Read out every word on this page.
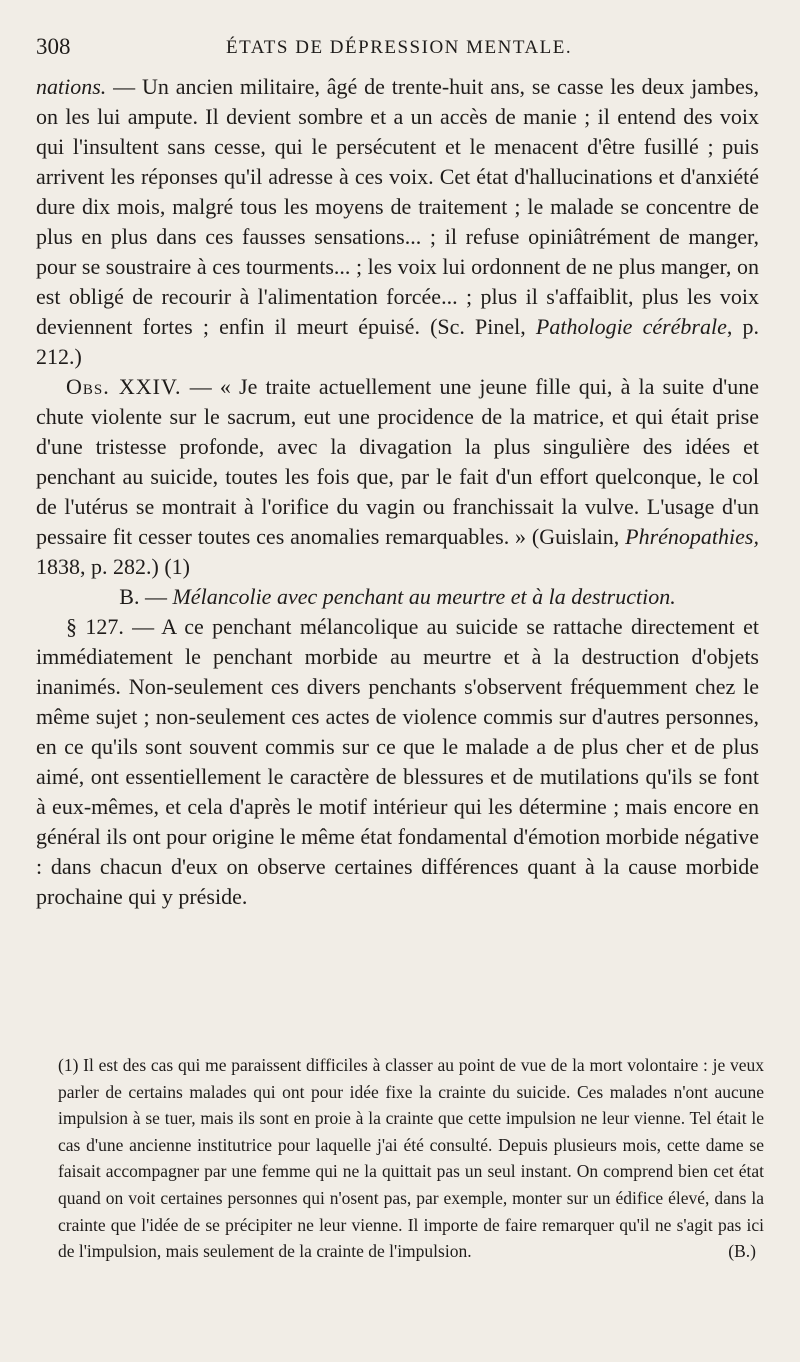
308	ÉTATS DE DÉPRESSION MENTALE.

nations. — Un ancien militaire, âgé de trente-huit ans, se casse les deux jambes, on les lui ampute. Il devient sombre et a un accès de manie ; il entend des voix qui l'insultent sans cesse, qui le persécutent et le menacent d'être fusillé ; puis arrivent les réponses qu'il adresse à ces voix. Cet état d'hallucinations et d'anxiété dure dix mois, malgré tous les moyens de traitement ; le malade se concentre de plus en plus dans ces fausses sensations... ; il refuse opiniâtrément de manger, pour se soustraire à ces tourments... ; les voix lui ordonnent de ne plus manger, on est obligé de recourir à l'alimentation forcée... ; plus il s'affaiblit, plus les voix deviennent fortes ; enfin il meurt épuisé. (Sc. Pinel, Pathologie cérébrale, p. 212.)

Obs. XXIV. — « Je traite actuellement une jeune fille qui, à la suite d'une chute violente sur le sacrum, eut une procidence de la matrice, et qui était prise d'une tristesse profonde, avec la divagation la plus singulière des idées et penchant au suicide, toutes les fois que, par le fait d'un effort quelconque, le col de l'utérus se montrait à l'orifice du vagin ou franchissait la vulve. L'usage d'un pessaire fit cesser toutes ces anomalies remarquables. » (Guislain, Phrénopathies, 1838, p. 282.) (1)

B. — Mélancolie avec penchant au meurtre et à la destruction.

§ 127. — A ce penchant mélancolique au suicide se rattache directement et immédiatement le penchant morbide au meurtre et à la destruction d'objets inanimés. Non-seulement ces divers penchants s'observent fréquemment chez le même sujet ; non-seulement ces actes de violence commis sur d'autres personnes, en ce qu'ils sont souvent commis sur ce que le malade a de plus cher et de plus aimé, ont essentiellement le caractère de blessures et de mutilations qu'ils se font à eux-mêmes, et cela d'après le motif intérieur qui les détermine ; mais encore en général ils ont pour origine le même état fondamental d'émotion morbide négative : dans chacun d'eux on observe certaines différences quant à la cause morbide prochaine qui y préside.

(1) Il est des cas qui me paraissent difficiles à classer au point de vue de la mort volontaire : je veux parler de certains malades qui ont pour idée fixe la crainte du suicide. Ces malades n'ont aucune impulsion à se tuer, mais ils sont en proie à la crainte que cette impulsion ne leur vienne. Tel était le cas d'une ancienne institutrice pour laquelle j'ai été consulté. Depuis plusieurs mois, cette dame se faisait accompagner par une femme qui ne la quittait pas un seul instant. On comprend bien cet état quand on voit certaines personnes qui n'osent pas, par exemple, monter sur un édifice élevé, dans la crainte que l'idée de se précipiter ne leur vienne. Il importe de faire remarquer qu'il ne s'agit pas ici de l'impulsion, mais seulement de la crainte de l'impulsion.	(B.)
